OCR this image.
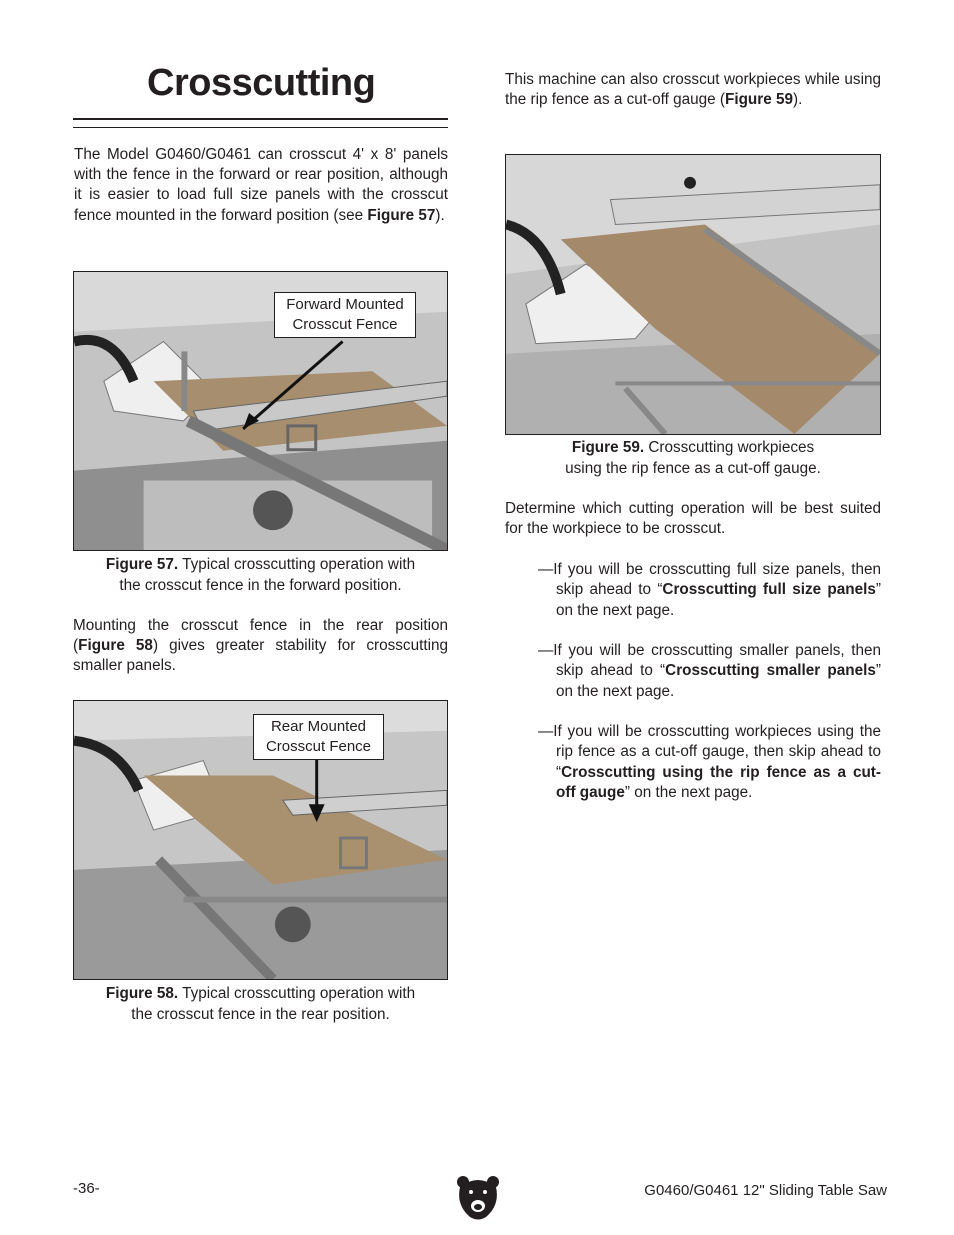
Crosscutting

The Model G0460/G0461 can crosscut 4' x 8' panels with the fence in the forward or rear position, although it is easier to load full size panels with the crosscut fence mounted in the forward position (see Figure 57).

Forward Mounted
Crosscut Fence

Figure 57. Typical crosscutting operation with
the crosscut fence in the forward position.

Mounting the crosscut fence in the rear position (Figure 58) gives greater stability for crosscutting smaller panels.

Rear Mounted
Crosscut Fence

Figure 58. Typical crosscutting operation with
the crosscut fence in the rear position.

This machine can also crosscut workpieces while using the rip fence as a cut-off gauge (Figure 59).

Figure 59. Crosscutting workpieces
using the rip fence as a cut-off gauge.

Determine which cutting operation will be best suited for the workpiece to be crosscut.

—If you will be crosscutting full size panels, then skip ahead to “Crosscutting full size panels” on the next page.

—If you will be crosscutting smaller panels, then skip ahead to “Crosscutting smaller panels” on the next page.

—If you will be crosscutting workpieces using the rip fence as a cut-off gauge, then skip ahead to “Crosscutting using the rip fence as a cut-off gauge” on the next page.

-36-	G0460/G0461 12" Sliding Table Saw
